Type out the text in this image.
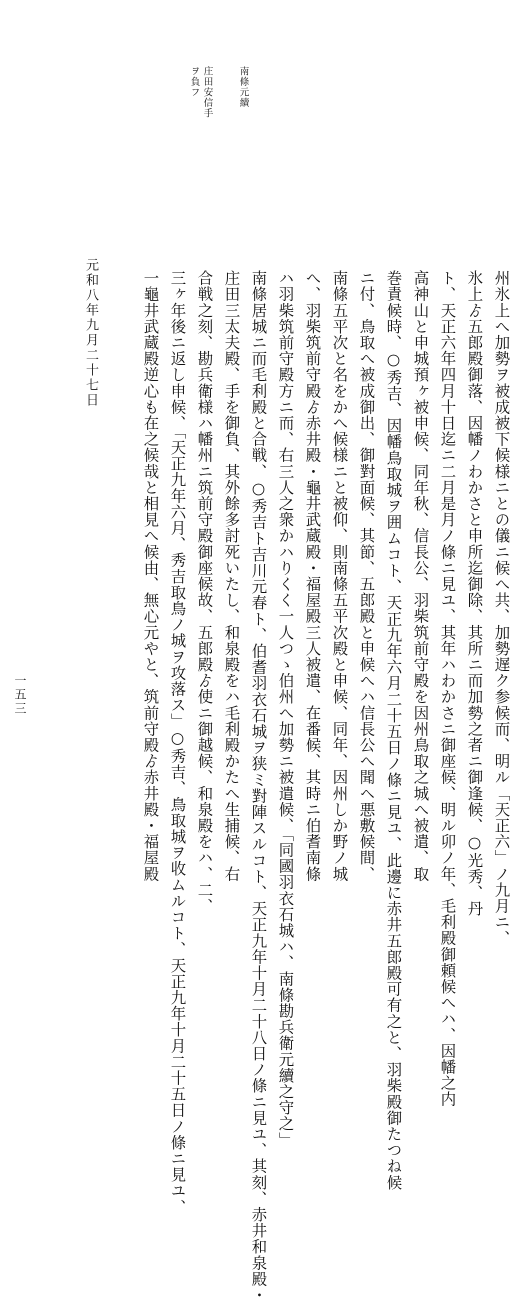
南條元續
庄田安信手
ヲ負フ
州氷上へ加勢ヲ被成被下候様ニとの儀ニ候へ共、加勢遅ク参候而、明ル「天正六」ノ九月ニ、
氷上ゟ五郎殿御落、因幡ノわかさと申所迄御除、其所ニ而加勢之者ニ御逢候、○光秀、丹
ト、天正六年四月十日迄ニ二月是月ノ條ニ見ユ、其年ハわかさニ御座候、明ル卯ノ年、毛利殿御頼候へハ、因幡之内
高神山と申城預ヶ被申候、同年秋、信長公、羽柴筑前守殿を因州鳥取之城へ被遣、取
巻責候時、○秀吉、因幡鳥取城ヲ囲ムコト、天正九年六月二十五日ノ條ニ見ユ、此邊に赤井五郎殿可有之と、羽柴殿御たつね候
ニ付、鳥取へ被成御出、御對面候、其節、五郎殿と申候へハ信長公へ聞ヘ悪敷候間、
南條五平次と名をかへ候様ニと被仰、則南條五平次殿と申候、同年、因州しか野ノ城
へ、羽柴筑前守殿ゟ赤井殿・龜井武蔵殿・福屋殿三人被遣、在番候、其時ニ伯耆南條
ハ羽柴筑前守殿方ニ而、右三人之衆かハりくく一人つゝ伯州へ加勢ニ被遣候、「同國羽衣石城ハ、南條勘兵衛元續之守之」
南條居城ニ而毛利殿と合戦、○秀吉ト吉川元春ト、伯耆羽衣石城ヲ狭ミ對陣スルコト、天正九年十月二十八日ノ條ニ見ユ、其刻、赤井和泉殿・
庄田三太夫殿、手を御負、其外餘多討死いたし、和泉殿をハ毛利殿かたへ生捕候、右
合戦之刻、勘兵衛様ハ幡州ニ筑前守殿御座候故、五郎殿ゟ使ニ御越候、和泉殿をハ、二、
三ヶ年後ニ返し申候、「天正九年六月、秀吉取鳥ノ城ヲ攻落ス」○秀吉、鳥取城ヲ收ムルコト、天正九年十月二十五日ノ條ニ見ユ、
一龜井武蔵殿逆心も在之候哉と相見へ候由、無心元やと、筑前守殿ゟ赤井殿・福屋殿
元和八年九月二十七日
一五三
